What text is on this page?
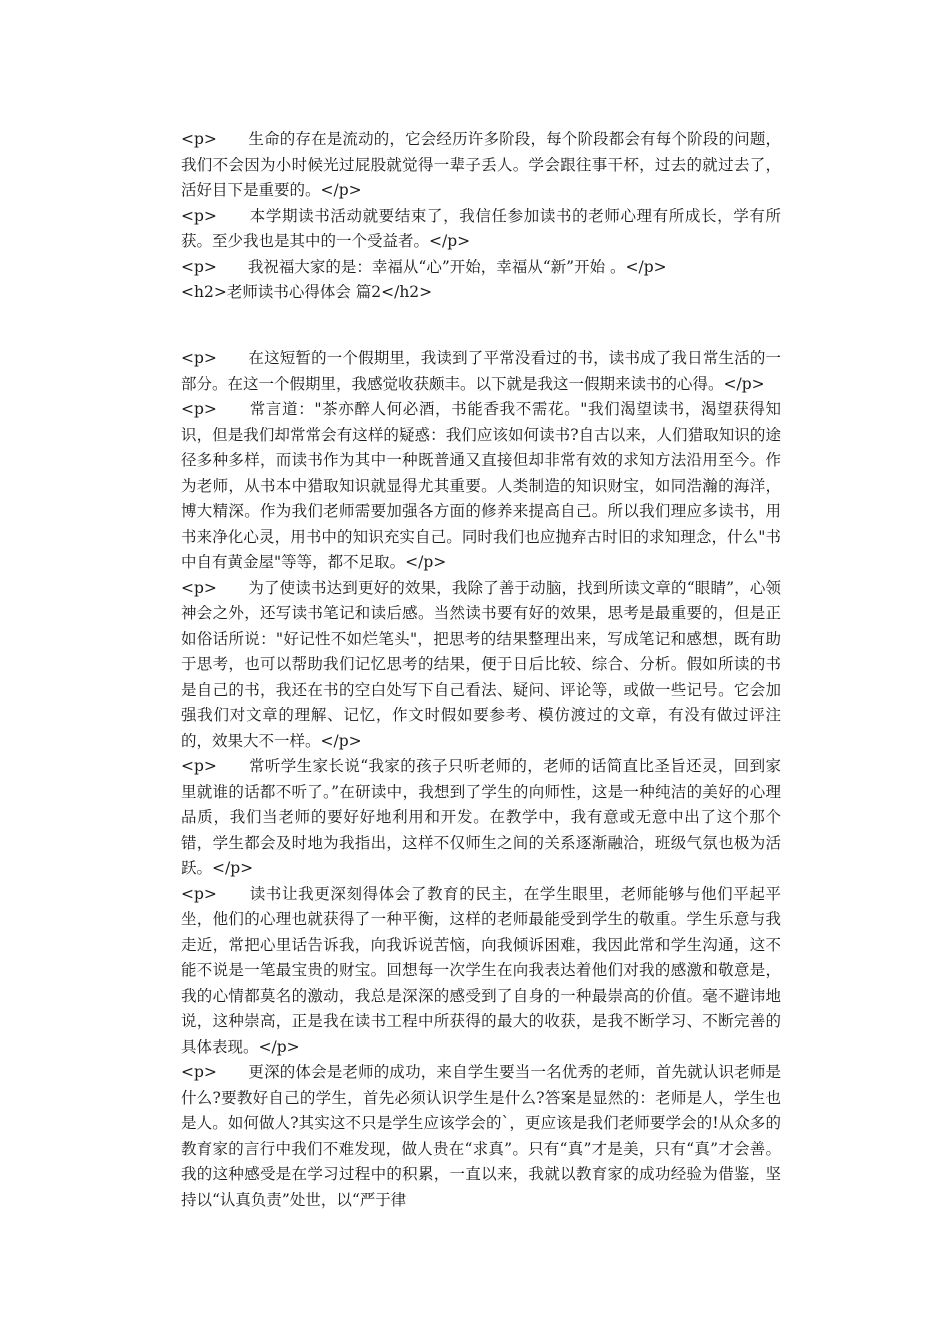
<p>　　生命的存在是流动的，它会经历许多阶段，每个阶段都会有每个阶段的问题，我们不会因为小时候光过屁股就觉得一辈子丢人。学会跟往事干杯，过去的就过去了，活好目下是重要的。</p>

<p>　　本学期读书活动就要结束了，我信任参加读书的老师心理有所成长，学有所获。至少我也是其中的一个受益者。</p>

<p>　　我祝福大家的是：幸福从“心”开始，幸福从“新”开始 。</p>

<h2>老师读书心得体会 篇2</h2>

<p>　　在这短暂的一个假期里，我读到了平常没看过的书，读书成了我日常生活的一部分。在这一个假期里，我感觉收获颇丰。以下就是我这一假期来读书的心得。</p>

<p>　　常言道："茶亦醉人何必酒，书能香我不需花。"我们渴望读书，渴望获得知识，但是我们却常常会有这样的疑惑：我们应该如何读书?自古以来，人们猎取知识的途径多种多样，而读书作为其中一种既普通又直接但却非常有效的求知方法沿用至今。作为老师，从书本中猎取知识就显得尤其重要。人类制造的知识财宝，如同浩瀚的海洋，博大精深。作为我们老师需要加强各方面的修养来提高自己。所以我们理应多读书，用书来净化心灵，用书中的知识充实自己。同时我们也应抛弃古时旧的求知理念，什么"书中自有黄金屋"等等，都不足取。</p>

<p>　　为了使读书达到更好的效果，我除了善于动脑，找到所读文章的“眼睛”，心领神会之外，还写读书笔记和读后感。当然读书要有好的效果，思考是最重要的，但是正如俗话所说："好记性不如烂笔头"，把思考的结果整理出来，写成笔记和感想，既有助于思考，也可以帮助我们记忆思考的结果，便于日后比较、综合、分析。假如所读的书是自己的书，我还在书的空白处写下自己看法、疑问、评论等，或做一些记号。它会加强我们对文章的理解、记忆，作文时假如要参考、模仿渡过的文章，有没有做过评注的，效果大不一样。</p>

<p>　　常听学生家长说“我家的孩子只听老师的，老师的话简直比圣旨还灵，回到家里就谁的话都不听了。”在研读中，我想到了学生的向师性，这是一种纯洁的美好的心理品质，我们当老师的要好好地利用和开发。在教学中，我有意或无意中出了这个那个错，学生都会及时地为我指出，这样不仅师生之间的关系逐渐融洽，班级气氛也极为活跃。</p>

<p>　　读书让我更深刻得体会了教育的民主，在学生眼里，老师能够与他们平起平坐，他们的心理也就获得了一种平衡，这样的老师最能受到学生的敬重。学生乐意与我走近，常把心里话告诉我，向我诉说苦恼，向我倾诉困难，我因此常和学生沟通，这不能不说是一笔最宝贵的财宝。回想每一次学生在向我表达着他们对我的感激和敬意是，我的心情都莫名的激动，我总是深深的感受到了自身的一种最崇高的价值。毫不避讳地说，这种崇高，正是我在读书工程中所获得的最大的收获，是我不断学习、不断完善的具体表现。</p>

<p>　　更深的体会是老师的成功，来自学生要当一名优秀的老师，首先就认识老师是什么?要教好自己的学生，首先必须认识学生是什么?答案是显然的：老师是人，学生也是人。如何做人?其实这不只是学生应该学会的`，更应该是我们老师要学会的!从众多的教育家的言行中我们不难发现，做人贵在“求真”。只有“真”才是美，只有“真”才会善。我的这种感受是在学习过程中的积累，一直以来，我就以教育家的成功经验为借鉴，坚持以“认真负责”处世，以“严于律
